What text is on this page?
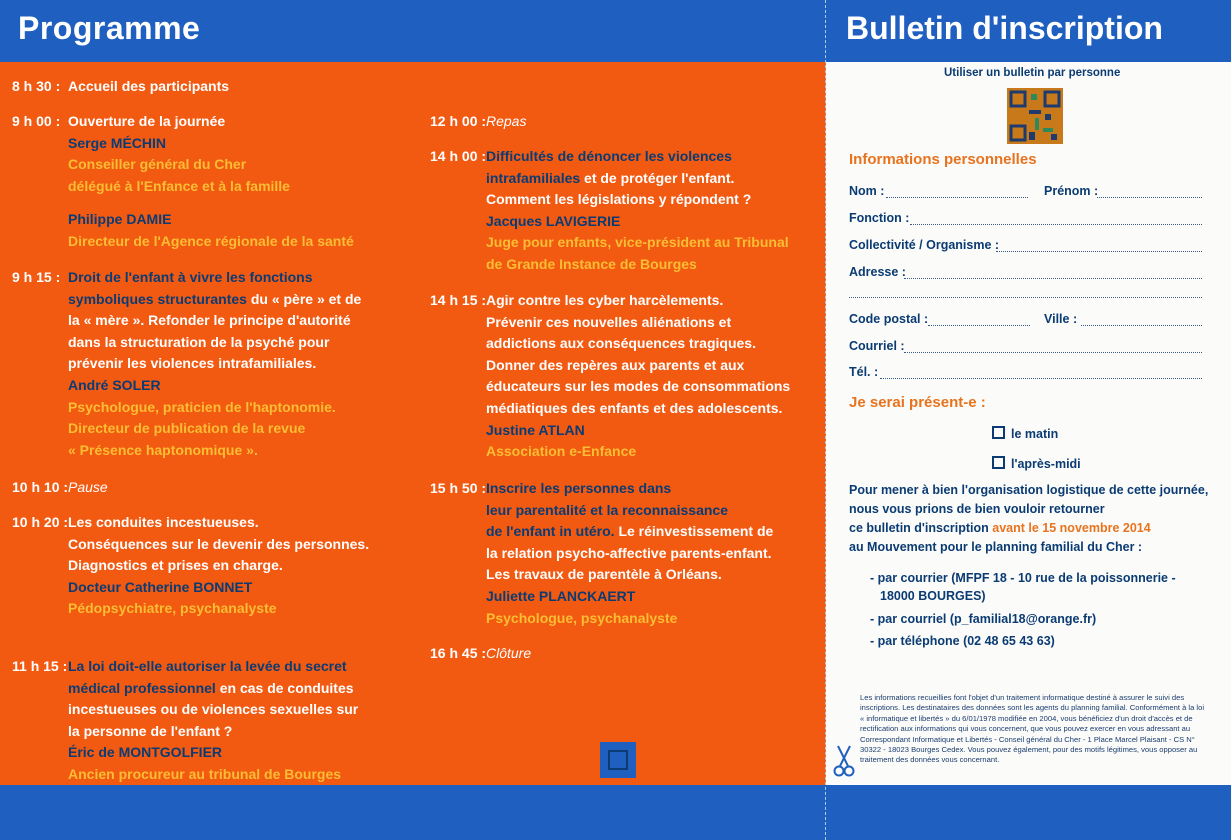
Programme	Bulletin d'inscription
8 h 30 : Accueil des participants
9 h 00 : Ouverture de la journée
Serge MÉCHIN
Conseiller général du Cher
délégué à l'Enfance et à la famille
Philippe DAMIE
Directeur de l'Agence régionale de la santé
9 h 15 : Droit de l'enfant à vivre les fonctions
symboliques structurantes du « père » et de
la « mère ». Refonder le principe d'autorité
dans la structuration de la psyché pour
prévenir les violences intrafamiliales.
André SOLER
Psychologue, praticien de l'haptonomie.
Directeur de publication de la revue
« Présence haptonomique ».
10 h 10 : Pause
10 h 20 : Les conduites incestueuses.
Conséquences sur le devenir des personnes.
Diagnostics et prises en charge.
Docteur Catherine BONNET
Pédopsychiatre, psychanalyste
11 h 15 : La loi doit-elle autoriser la levée du secret
médical professionnel en cas de conduites
incestueuses ou de violences sexuelles sur
la personne de l'enfant ?
Éric de MONTGOLFIER
Ancien procureur au tribunal de Bourges
12 h 00 : Repas
14 h 00 : Difficultés de dénoncer les violences
intrafamiliales et de protéger l'enfant.
Comment les législations y répondent ?
Jacques LAVIGERIE
Juge pour enfants, vice-président au Tribunal
de Grande Instance de Bourges
14 h 15 : Agir contre les cyber harcèlements.
Prévenir ces nouvelles aliénations et
addictions aux conséquences tragiques.
Donner des repères aux parents et aux
éducateurs sur les modes de consommations
médiatiques des enfants et des adolescents.
Justine ATLAN
Association e-Enfance
15 h 50 : Inscrire les personnes dans
leur parentalité et la reconnaissance
de l'enfant in utéro. Le réinvestissement de
la relation psycho-affective parents-enfant.
Les travaux de parentèle à Orléans.
Juliette PLANCKAERT
Psychologue, psychanalyste
16 h 45 : Clôture
Utiliser un bulletin par personne
Informations personnelles
Nom :	Prénom :
Fonction :
Collectivité / Organisme :
Adresse :
Code postal :	Ville :
Courriel :
Tél. :
Je serai présent-e :
le matin
l'après-midi
Pour mener à bien l'organisation logistique de cette journée,
nous vous prions de bien vouloir retourner
ce bulletin d'inscription avant le 15 novembre 2014
au Mouvement pour le planning familial du Cher :
- par courrier (MFPF 18 - 10 rue de la poissonnerie -
18000 BOURGES)
- par courriel (p_familial18@orange.fr)
- par téléphone (02 48 65 43 63)
Les informations recueillies font l'objet d'un traitement informatique destiné à assurer le suivi des inscriptions. Les destinataires des données sont les agents du planning familial. Conformément à la loi « informatique et libertés » du 6/01/1978 modifiée en 2004, vous bénéficiez d'un droit d'accès et de rectification aux informations qui vous concernent, que vous pouvez exercer en vous adressant au Correspondant Informatique et Libertés - Conseil général du Cher - 1 Place Marcel Plaisant - CS N° 30322 - 18023 Bourges Cedex. Vous pouvez également, pour des motifs légitimes, vous opposer au traitement des données vous concernant.
